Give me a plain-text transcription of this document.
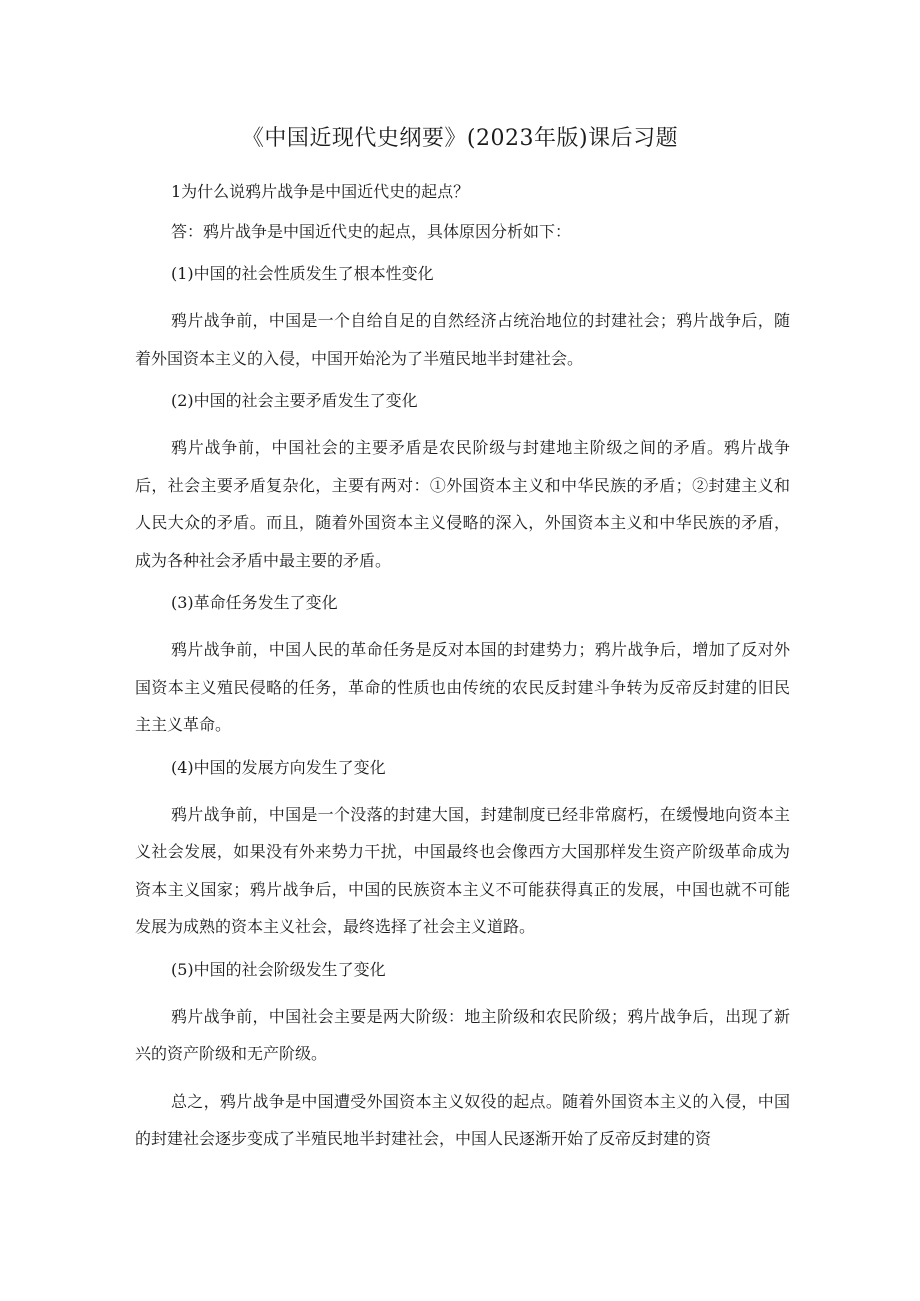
《中国近现代史纲要》(2023年版)课后习题

1为什么说鸦片战争是中国近代史的起点？

答：鸦片战争是中国近代史的起点，具体原因分析如下：

(1)中国的社会性质发生了根本性变化

鸦片战争前，中国是一个自给自足的自然经济占统治地位的封建社会；鸦片战争后，随着外国资本主义的入侵，中国开始沦为了半殖民地半封建社会。

(2)中国的社会主要矛盾发生了变化

鸦片战争前，中国社会的主要矛盾是农民阶级与封建地主阶级之间的矛盾。鸦片战争后，社会主要矛盾复杂化，主要有两对：①外国资本主义和中华民族的矛盾；②封建主义和人民大众的矛盾。而且，随着外国资本主义侵略的深入，外国资本主义和中华民族的矛盾，成为各种社会矛盾中最主要的矛盾。

(3)革命任务发生了变化

鸦片战争前，中国人民的革命任务是反对本国的封建势力；鸦片战争后，增加了反对外国资本主义殖民侵略的任务，革命的性质也由传统的农民反封建斗争转为反帝反封建的旧民主主义革命。

(4)中国的发展方向发生了变化

鸦片战争前，中国是一个没落的封建大国，封建制度已经非常腐朽，在缓慢地向资本主义社会发展，如果没有外来势力干扰，中国最终也会像西方大国那样发生资产阶级革命成为资本主义国家；鸦片战争后，中国的民族资本主义不可能获得真正的发展，中国也就不可能发展为成熟的资本主义社会，最终选择了社会主义道路。

(5)中国的社会阶级发生了变化

鸦片战争前，中国社会主要是两大阶级：地主阶级和农民阶级；鸦片战争后，出现了新兴的资产阶级和无产阶级。

总之，鸦片战争是中国遭受外国资本主义奴役的起点。随着外国资本主义的入侵，中国的封建社会逐步变成了半殖民地半封建社会，中国人民逐渐开始了反帝反封建的资
